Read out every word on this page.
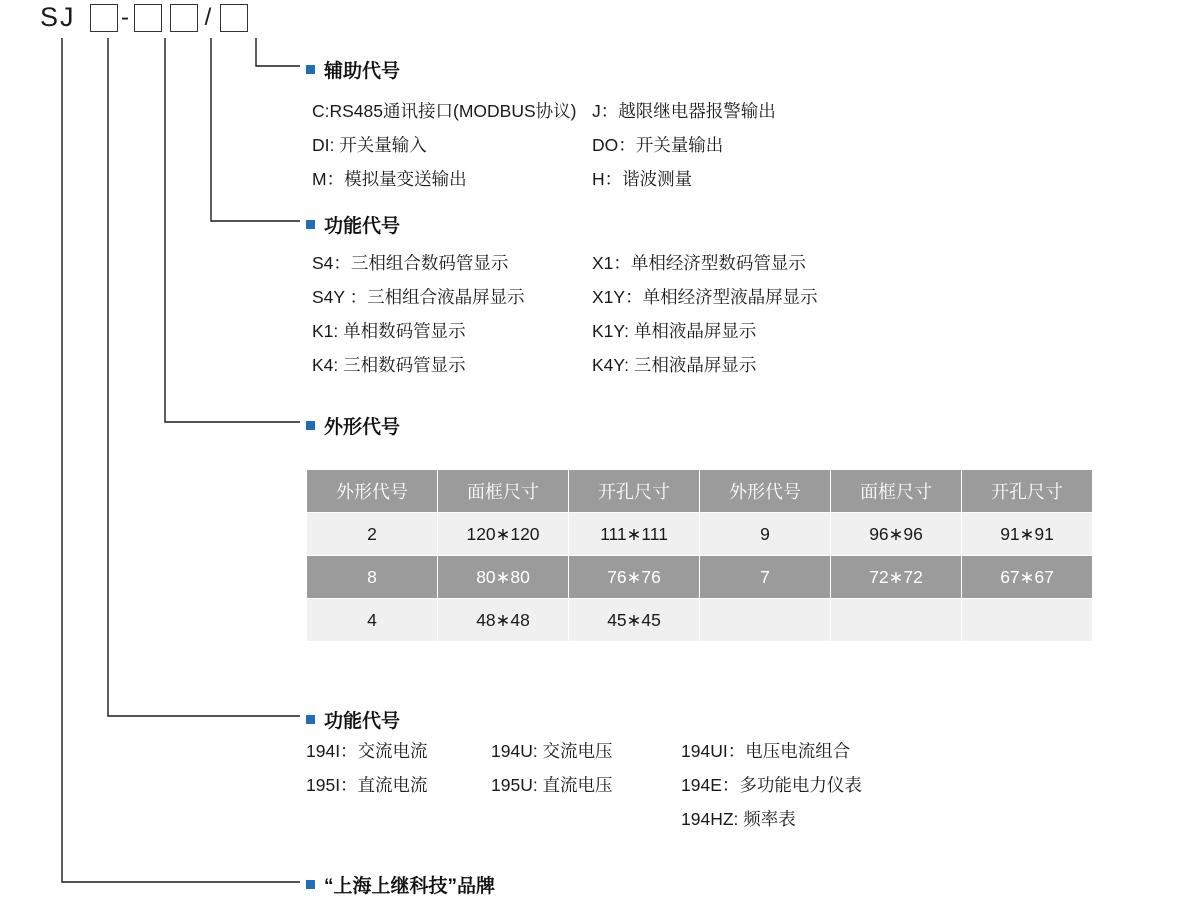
SJ -	/
辅助代号
C:RS485通讯接口(MODBUS协议) J：越限继电器报警输出
DI: 开关量输入	DO：开关量输出
M：模拟量变送输出	H：谐波测量
功能代号
S4：三相组合数码管显示	X1：单相经济型数码管显示
S4Y ：三相组合液晶屏显示	X1Y：单相经济型液晶屏显示
K1: 单相数码管显示	K1Y: 单相液晶屏显示
K4: 三相数码管显示	K4Y: 三相液晶屏显示
外形代号
外形代号	面框尺寸	开孔尺寸	外形代号	面框尺寸	开孔尺寸
2	120∗120	111∗111	9	96∗96	91∗91
8	80∗80	76∗76	7	72∗72	67∗67
4	48∗48	45∗45			
功能代号
194I：交流电流	194U: 交流电压	194UI：电压电流组合
195I：直流电流	195U: 直流电压	194E：多功能电力仪表
194HZ: 频率表
“上海上继科技”品牌
